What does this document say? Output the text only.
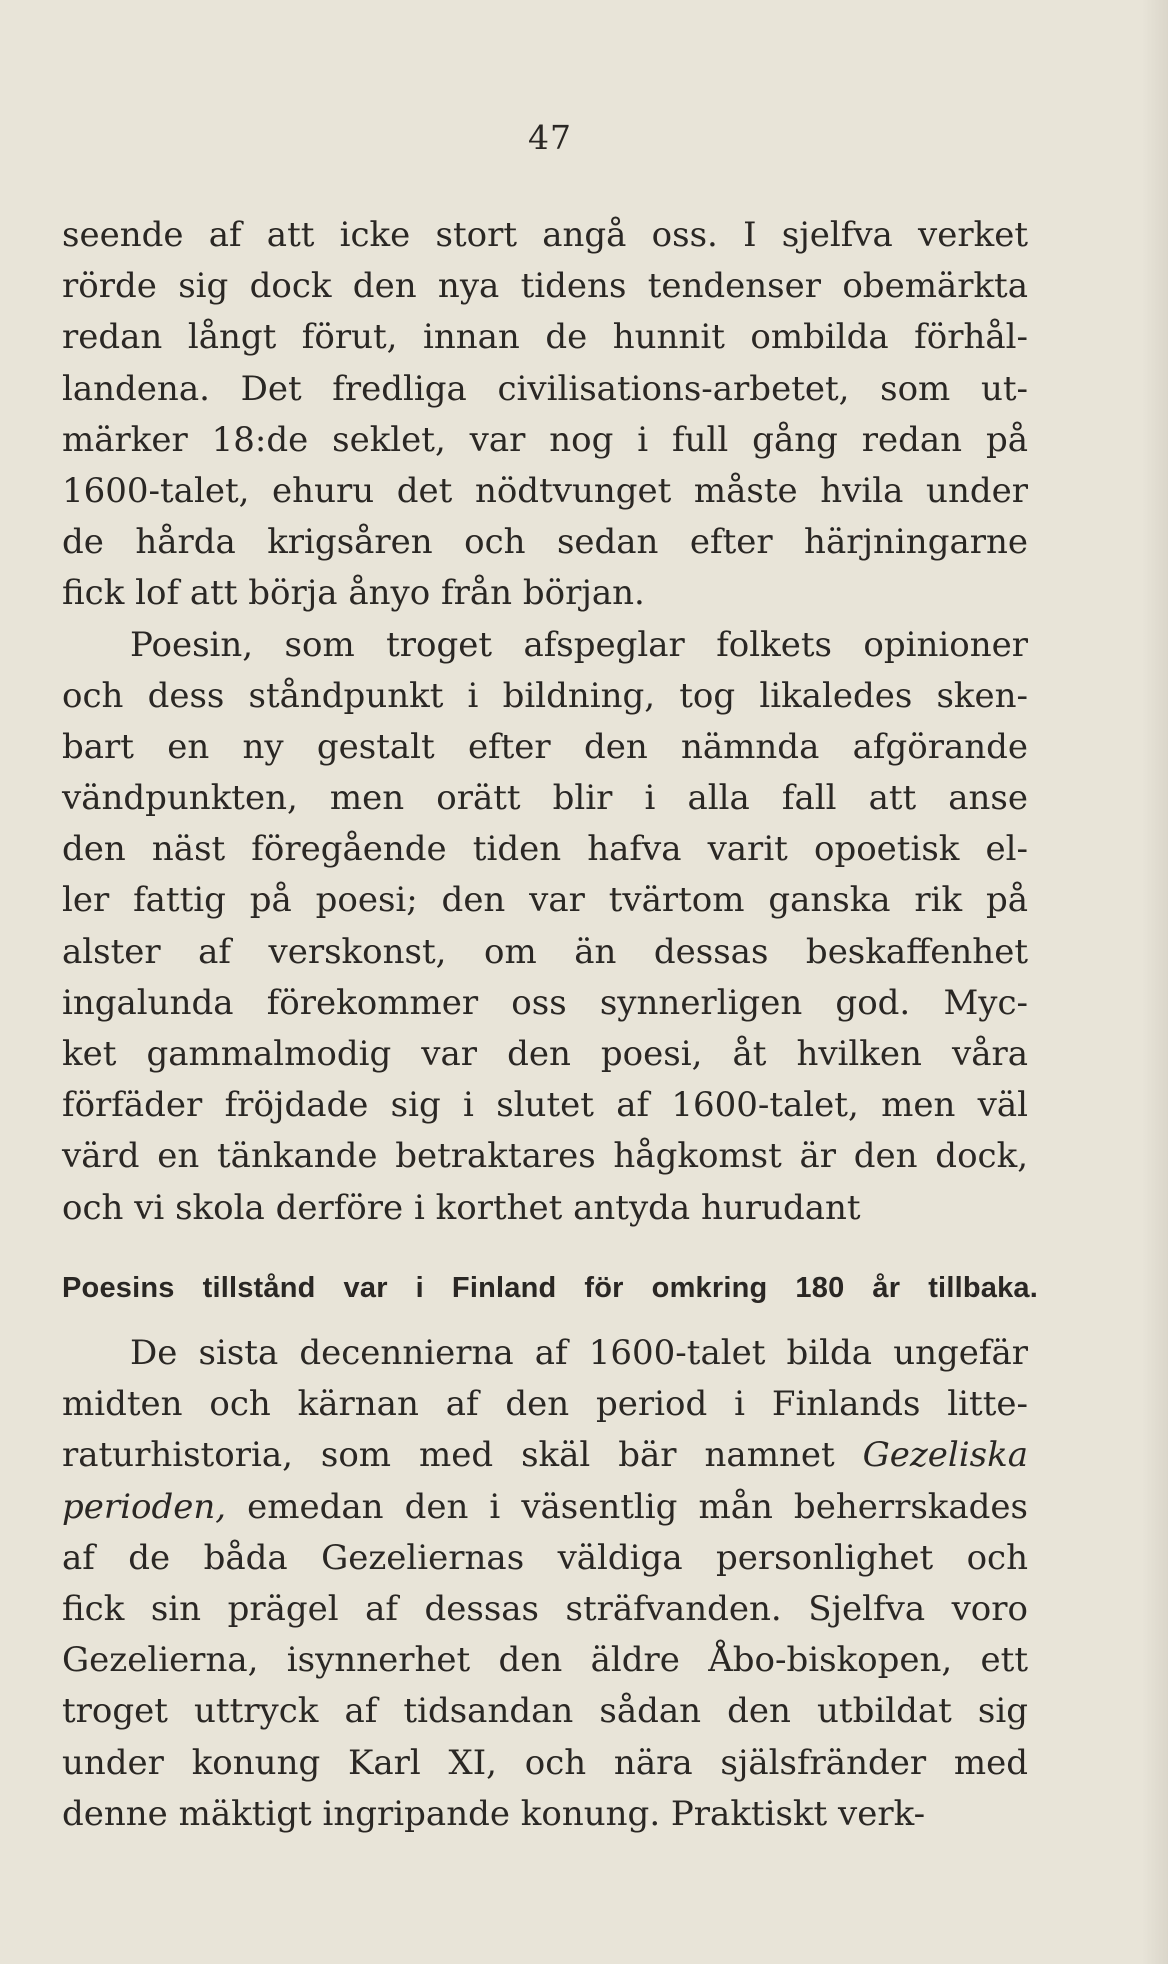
47
seende af att icke stort angå oss. I sjelfva verket
rörde sig dock den nya tidens tendenser obemärkta
redan långt förut, innan de hunnit ombilda förhål-
landena. Det fredliga civilisations-arbetet, som ut-
märker 18:de seklet, var nog i full gång redan på
1600-talet, ehuru det nödtvunget måste hvila under
de hårda krigsåren och sedan efter härjningarne
fick lof att börja ånyo från början.
Poesin, som troget afspeglar folkets opinioner
och dess ståndpunkt i bildning, tog likaledes sken-
bart en ny gestalt efter den nämnda afgörande
vändpunkten, men orätt blir i alla fall att anse
den näst föregående tiden hafva varit opoetisk el-
ler fattig på poesi; den var tvärtom ganska rik på
alster af verskonst, om än dessas beskaffenhet
ingalunda förekommer oss synnerligen god. Myc-
ket gammalmodig var den poesi, åt hvilken våra
förfäder fröjdade sig i slutet af 1600-talet, men väl
värd en tänkande betraktares hågkomst är den dock,
och vi skola derföre i korthet antyda hurudant
Poesins tillstånd var i Finland för omkring 180 år tillbaka.
De sista decennierna af 1600-talet bilda ungefär
midten och kärnan af den period i Finlands litte-
raturhistoria, som med skäl bär namnet Gezeliska
perioden, emedan den i väsentlig mån beherrskades
af de båda Gezeliernas väldiga personlighet och
fick sin prägel af dessas sträfvanden. Sjelfva voro
Gezelierna, isynnerhet den äldre Åbo-biskopen, ett
troget uttryck af tidsandan sådan den utbildat sig
under konung Karl XI, och nära själsfränder med
denne mäktigt ingripande konung. Praktiskt verk-
